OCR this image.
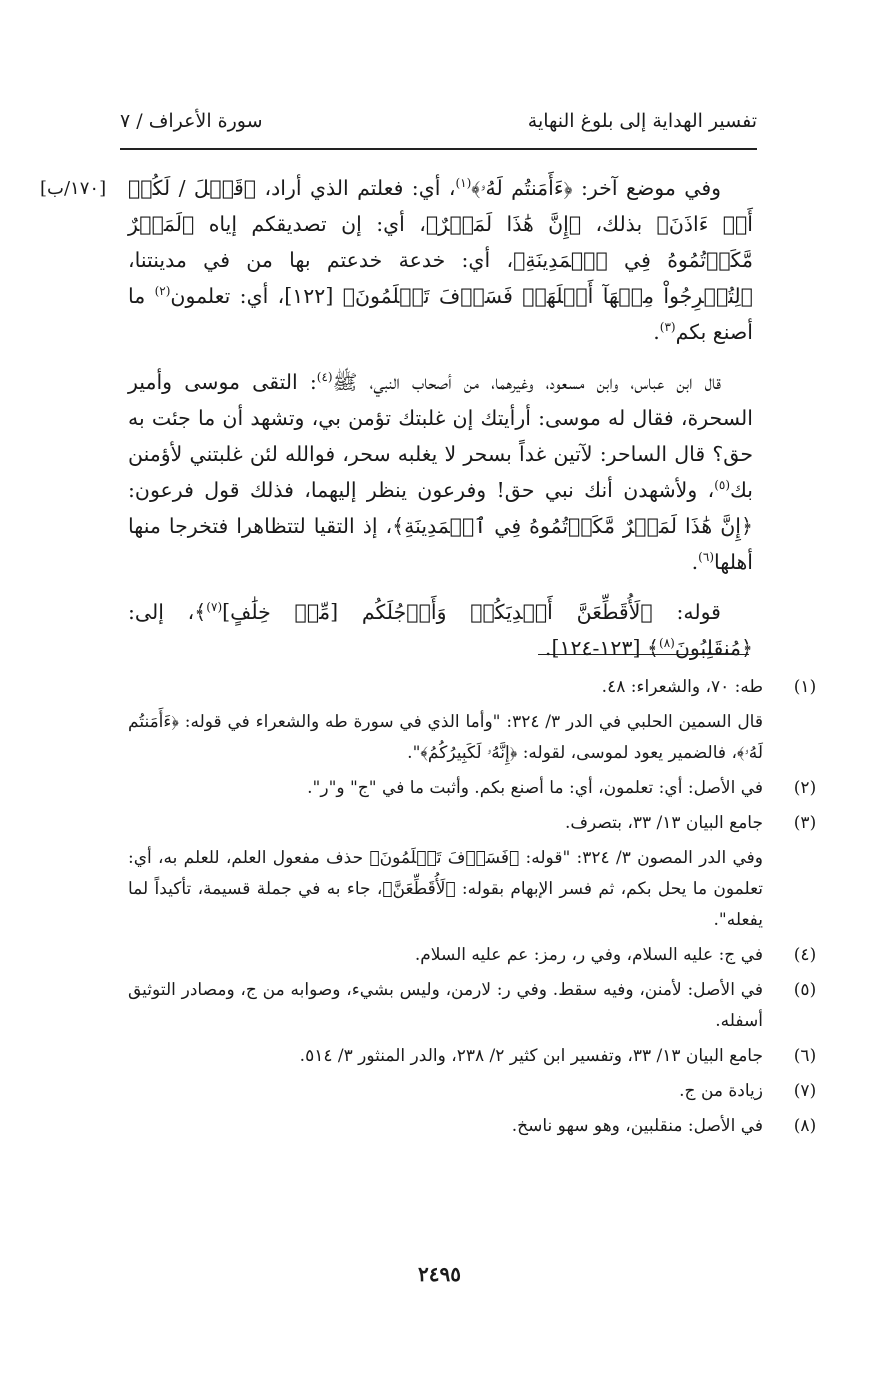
تفسير الهداية إلى بلوغ النهاية
سورة الأعراف / ٧
[١٧٠/ب]	وفي موضع آخر: ﴿ءَأَمَنتُم لَهُۥ﴾$^{(١)}$، أي: فعلتم الذي أراد، ﴿قَبۡلَ / لَكُمۡ أَنۡ ءَاذَنَ﴾ بذلك، ﴿إِنَّ هَٰذَا لَمَكۡرٌ﴾، أي: إن تصديقكم إياه ﴿لَمَكۡرٌ مَّكَرۡتُمُوهُ فِي ٱلۡمَدِينَةِ﴾، أي: خدعة خدعتم بها من في مدينتنا، ﴿لِتُخۡرِجُواْ مِنۡهَآ أَهۡلَهَاۖ فَسَوۡفَ تَعۡلَمُونَ﴾ [١٢٢]، أي: تعلمون$^{(٢)}$ ما أصنع بكم$^{(٣)}$.

قال ابن عباس، وابن مسعود، وغيرهما، من أصحاب النبي، ﷺ$^{(٤)}$: التقى موسى وأمير السحرة، فقال له موسى: أرأيتك إن غلبتك تؤمن بي، وتشهد أن ما جئت به حق؟ قال الساحر: لآتين غداً بسحر لا يغلبه سحر، فوالله لئن غلبتني لأؤمنن بك$^{(٥)}$، ولأشهدن أنك نبي حق! وفرعون ينظر إليهما، فذلك قول فرعون: ﴿إِنَّ هَٰذَا لَمَكۡرٌ مَّكَرۡتُمُوهُ فِي ٱلۡمَدِينَةِ﴾، إذ التقيا لتتظاهرا فتخرجا منها أهلها$^{(٦)}$.

قوله: ﴿لَأُقَطِّعَنَّ أَيۡدِيَكُمۡ وَأَرۡجُلَكُم [مِّنۡ خِلَٰفٍ]$^{(٧)}$﴾، إلى: ﴿مُنقَلِبُونَ$^{(٨)}$﴾ [١٢٣-١٢٤].

(١)
طه: ٧٠، والشعراء: ٤٨.
قال السمين الحلبي في الدر ٣/ ٣٢٤: "وأما الذي في سورة طه والشعراء في قوله: ﴿ءَأَمَنتُم لَهُۥ﴾، فالضمير يعود لموسى، لقوله: ﴿إِنَّهُۥ لَكَبِيرُكُمُ﴾".
(٢)
في الأصل: أي: تعلمون، أي: ما أصنع بكم. وأثبت ما في "ج" و"ر".
(٣)
جامع البيان ١٣/ ٣٣، بتصرف.
وفي الدر المصون ٣/ ٣٢٤: "قوله: ﴿فَسَوۡفَ تَعۡلَمُونَ﴾ حذف مفعول العلم، للعلم به، أي: تعلمون ما يحل بكم، ثم فسر الإبهام بقوله: ﴿لَأُقَطِّعَنَّ﴾، جاء به في جملة قسيمة، تأكيداً لما يفعله".
(٤)
في ج: عليه السلام، وفي ر، رمز: عم عليه السلام.
(٥)
في الأصل: لأمنن، وفيه سقط. وفي ر: لارمن، وليس بشيء، وصوابه من ج، ومصادر التوثيق أسفله.
(٦)
جامع البيان ١٣/ ٣٣، وتفسير ابن كثير ٢/ ٢٣٨، والدر المنثور ٣/ ٥١٤.
(٧)
زيادة من ج.
(٨)
في الأصل: منقلبين، وهو سهو ناسخ.
٢٤٩٥
